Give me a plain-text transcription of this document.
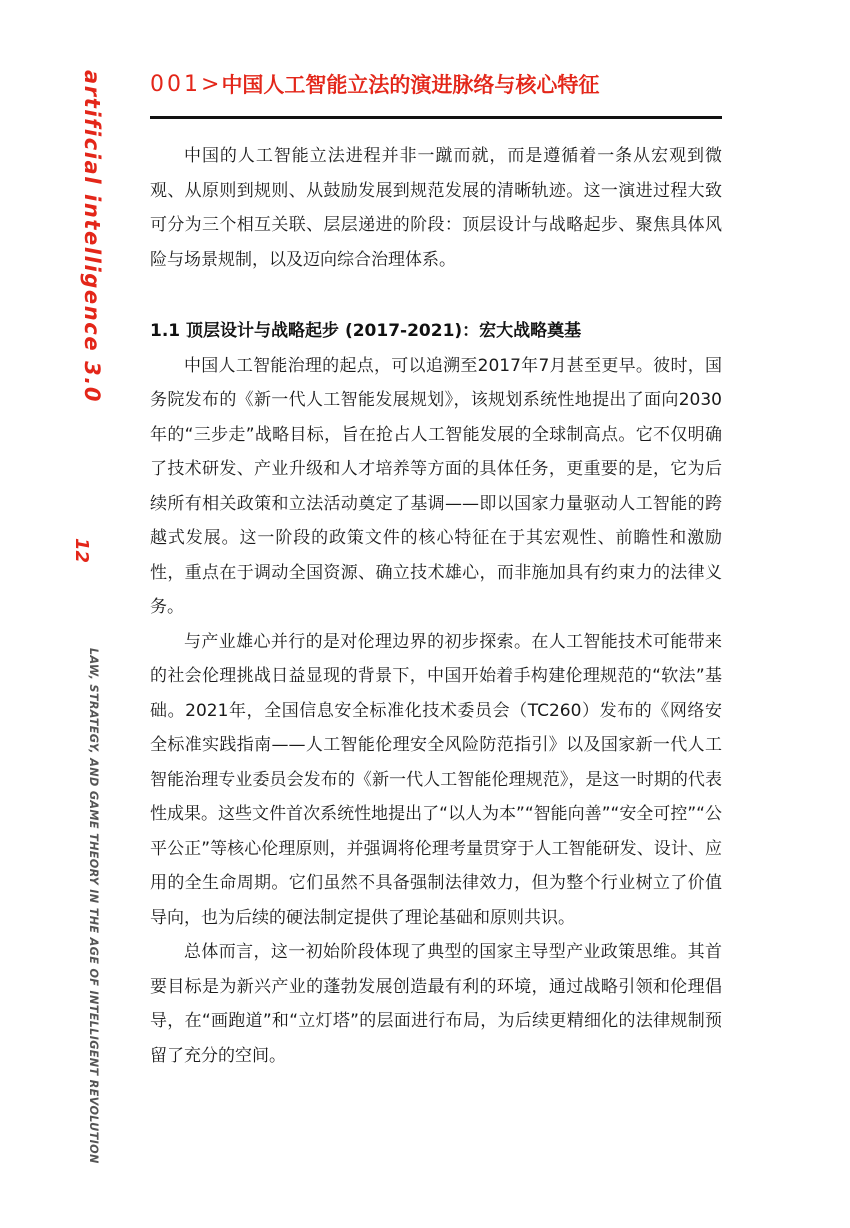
artificial intelligence 3.0
12
LAW, STRATEGY, AND GAME THEORY IN THE AGE OF INTELLIGENT REVOLUTION
001 > 中国人工智能立法的演进脉络与核心特征

中国的人工智能立法进程并非一蹴而就，而是遵循着一条从宏观到微观、从原则到规则、从鼓励发展到规范发展的清晰轨迹。这一演进过程大致可分为三个相互关联、层层递进的阶段：顶层设计与战略起步、聚焦具体风险与场景规制，以及迈向综合治理体系。

1.1 顶层设计与战略起步 (2017-2021)：宏大战略奠基

中国人工智能治理的起点，可以追溯至2017年7月甚至更早。彼时，国务院发布的《新一代人工智能发展规划》，该规划系统性地提出了面向2030年的“三步走”战略目标，旨在抢占人工智能发展的全球制高点。它不仅明确了技术研发、产业升级和人才培养等方面的具体任务，更重要的是，它为后续所有相关政策和立法活动奠定了基调——即以国家力量驱动人工智能的跨越式发展。这一阶段的政策文件的核心特征在于其宏观性、前瞻性和激励性，重点在于调动全国资源、确立技术雄心，而非施加具有约束力的法律义务。

与产业雄心并行的是对伦理边界的初步探索。在人工智能技术可能带来的社会伦理挑战日益显现的背景下，中国开始着手构建伦理规范的“软法”基础。2021年，全国信息安全标准化技术委员会（TC260）发布的《网络安全标准实践指南——人工智能伦理安全风险防范指引》以及国家新一代人工智能治理专业委员会发布的《新一代人工智能伦理规范》，是这一时期的代表性成果。这些文件首次系统性地提出了“以人为本”“智能向善”“安全可控”“公平公正”等核心伦理原则，并强调将伦理考量贯穿于人工智能研发、设计、应用的全生命周期。它们虽然不具备强制法律效力，但为整个行业树立了价值导向，也为后续的硬法制定提供了理论基础和原则共识。

总体而言，这一初始阶段体现了典型的国家主导型产业政策思维。其首要目标是为新兴产业的蓬勃发展创造最有利的环境，通过战略引领和伦理倡导，在“画跑道”和“立灯塔”的层面进行布局，为后续更精细化的法律规制预留了充分的空间。
